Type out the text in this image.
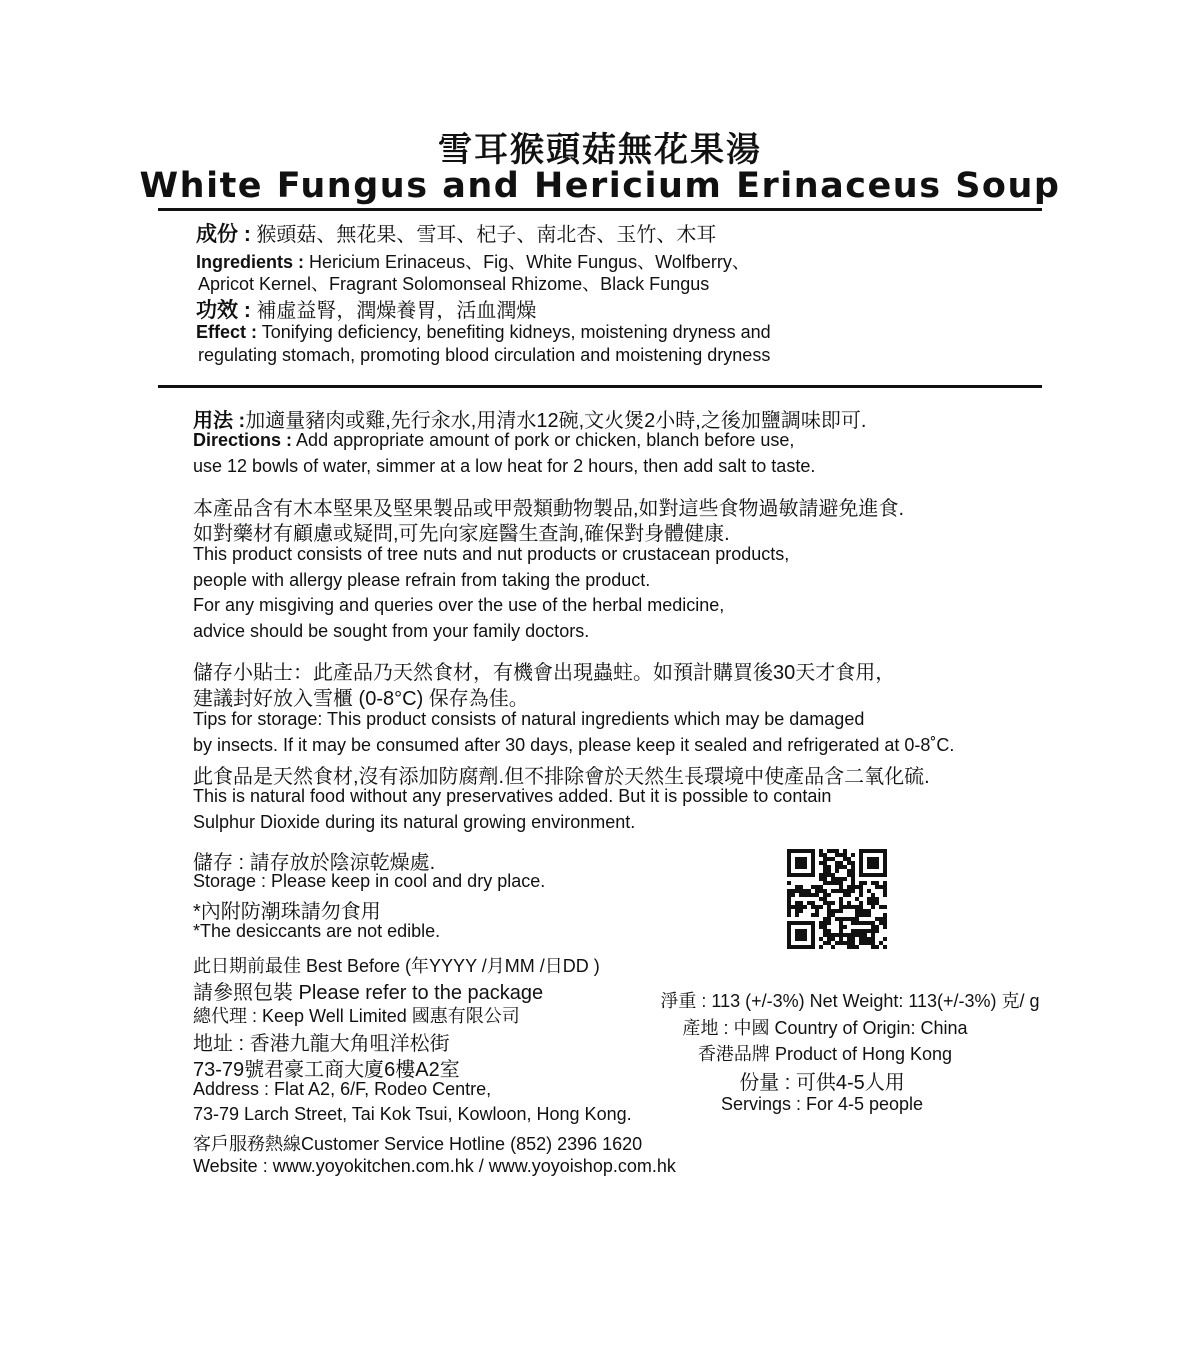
雪耳猴頭菇無花果湯
White Fungus and Hericium Erinaceus Soup
成份 : 猴頭菇、無花果、雪耳、杞子、南北杏、玉竹、木耳
Ingredients : Hericium Erinaceus、Fig、White Fungus、Wolfberry、
Apricot Kernel、Fragrant Solomonseal Rhizome、Black Fungus
功效 : 補虛益腎，潤燥養胃，活血潤燥
Effect : Tonifying deficiency, benefiting kidneys, moistening dryness and
regulating stomach, promoting blood circulation and moistening dryness
用法 :加適量豬肉或雞,先行汆水,用清水12碗,文火煲2小時,之後加鹽調味即可.
Directions : Add appropriate amount of pork or chicken, blanch before use,
use 12 bowls of water, simmer at a low heat for 2 hours, then add salt to taste.
本產品含有木本堅果及堅果製品或甲殼類動物製品,如對這些食物過敏請避免進食.
如對藥材有顧慮或疑問,可先向家庭醫生查詢,確保對身體健康.
This product consists of tree nuts and nut products or crustacean products,
people with allergy please refrain from taking the product.
For any misgiving and queries over the use of the herbal medicine,
advice should be sought from your family doctors.
儲存小貼士：此產品乃天然食材，有機會出現蟲蛀。如預計購買後30天才食用，
建議封好放入雪櫃 (0-8°C) 保存為佳。
Tips for storage: This product consists of natural ingredients which may be damaged
by insects. If it may be consumed after 30 days, please keep it sealed and refrigerated at 0-8˚C.
此食品是天然食材,沒有添加防腐劑.但不排除會於天然生長環境中使產品含二氧化硫.
This is natural food without any preservatives added. But it is possible to contain
Sulphur Dioxide during its natural growing environment.
儲存 : 請存放於陰涼乾燥處.
Storage : Please keep in cool and dry place.
*內附防潮珠請勿食用
*The desiccants are not edible.
此日期前最佳 Best Before (年YYYY /月MM /日DD )
請參照包裝 Please refer to the package
總代理 : Keep Well Limited 國惠有限公司
地址 : 香港九龍大角咀洋松街
73-79號君豪工商大廈6樓A2室
Address : Flat A2, 6/F, Rodeo Centre,
73-79 Larch Street, Tai Kok Tsui, Kowloon, Hong Kong.
客戶服務熱線Customer Service Hotline (852) 2396 1620
Website : www.yoyokitchen.com.hk / www.yoyoishop.com.hk
淨重 : 113 (+/-3%) Net Weight: 113(+/-3%) 克/ g
產地 : 中國 Country of Origin: China
香港品牌 Product of Hong Kong
份量 : 可供4-5人用
Servings : For 4-5 people
